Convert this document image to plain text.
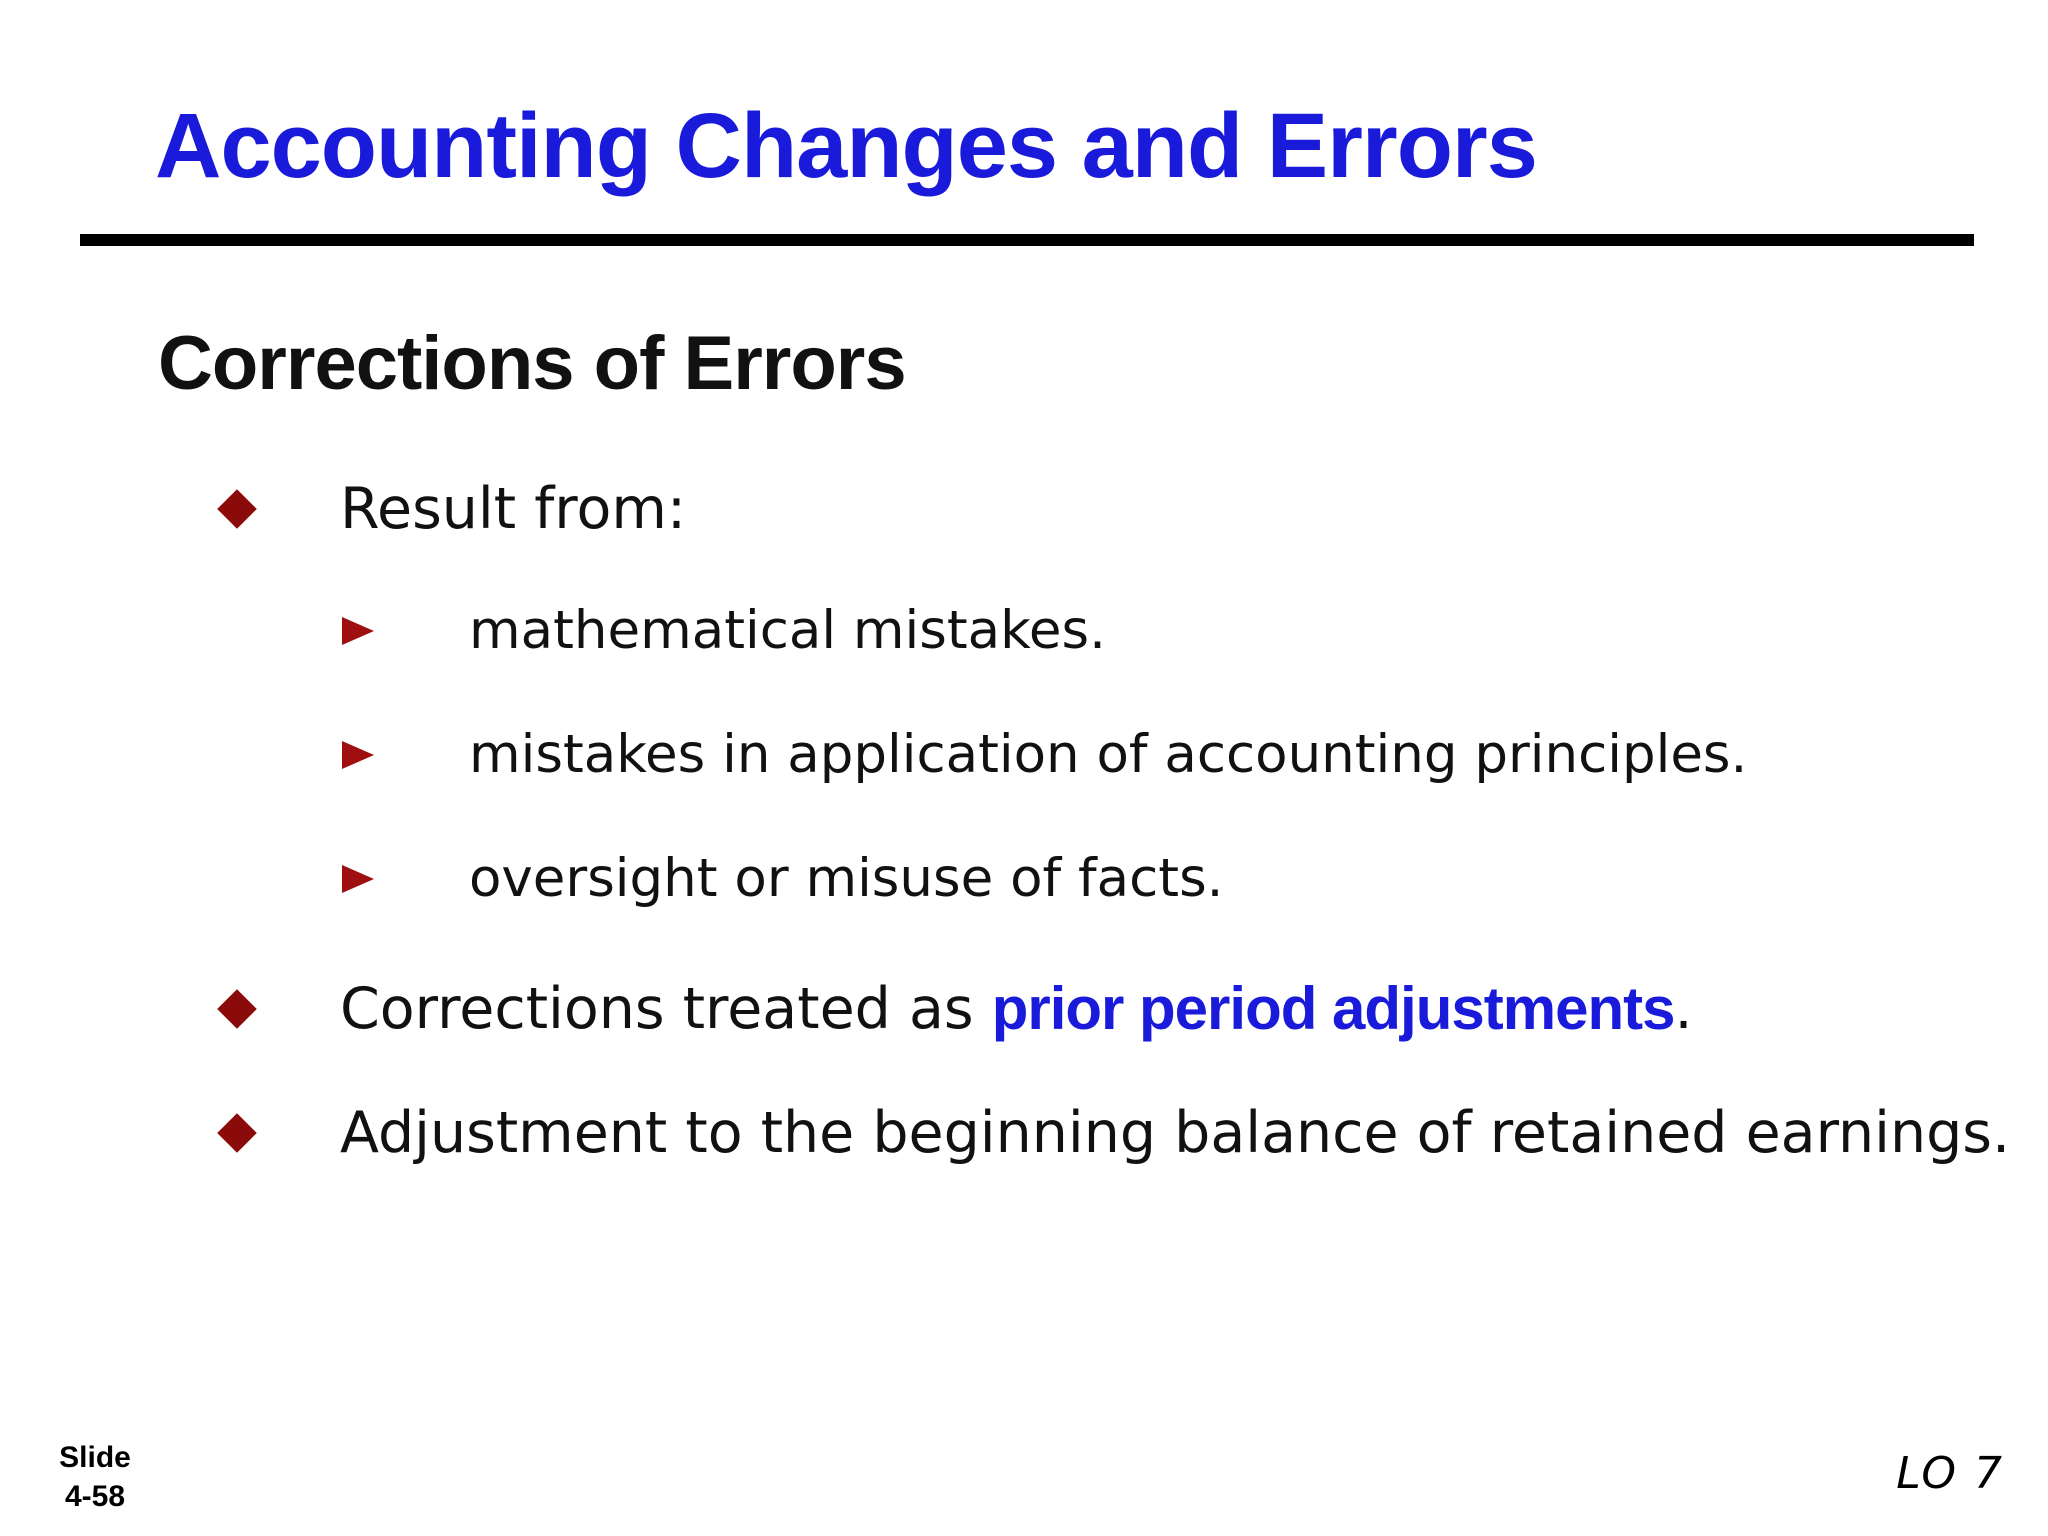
Accounting Changes and Errors
Corrections of Errors
Result from:
mathematical mistakes.
mistakes in application of accounting principles.
oversight or misuse of facts.
Corrections treated as prior period adjustments .
Adjustment to the beginning balance of retained earnings.
Slide
4-58	LO 7
